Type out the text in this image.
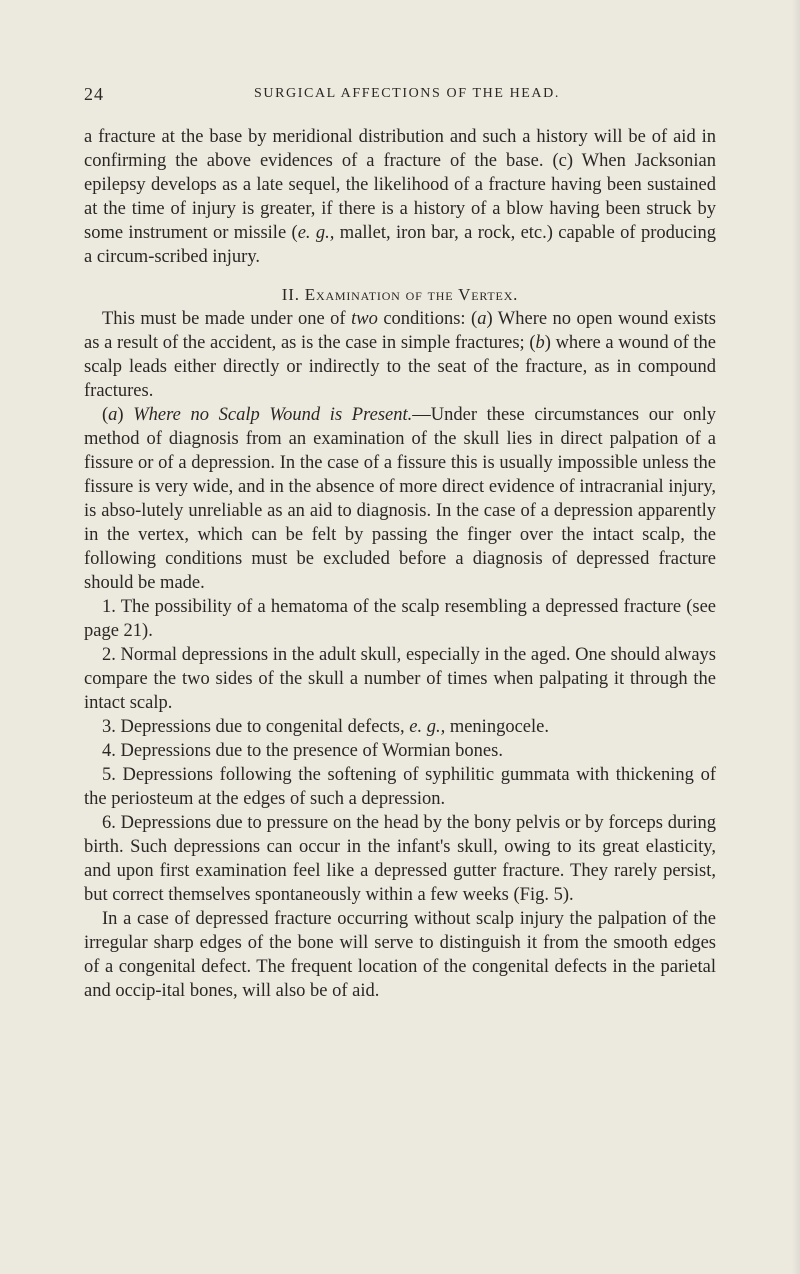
24	SURGICAL AFFECTIONS OF THE HEAD.

a fracture at the base by meridional distribution and such a history will be of aid in confirming the above evidences of a fracture of the base. (c) When Jacksonian epilepsy develops as a late sequel, the likelihood of a fracture having been sustained at the time of injury is greater, if there is a history of a blow having been struck by some instrument or missile (e. g., mallet, iron bar, a rock, etc.) capable of producing a circum-scribed injury.

II. Examination of the Vertex.

This must be made under one of two conditions: (a) Where no open wound exists as a result of the accident, as is the case in simple fractures; (b) where a wound of the scalp leads either directly or indirectly to the seat of the fracture, as in compound fractures.

(a) Where no Scalp Wound is Present.—Under these circumstances our only method of diagnosis from an examination of the skull lies in direct palpation of a fissure or of a depression. In the case of a fissure this is usually impossible unless the fissure is very wide, and in the absence of more direct evidence of intracranial injury, is abso-lutely unreliable as an aid to diagnosis. In the case of a depression apparently in the vertex, which can be felt by passing the finger over the intact scalp, the following conditions must be excluded before a diagnosis of depressed fracture should be made.

1. The possibility of a hematoma of the scalp resembling a depressed fracture (see page 21).

2. Normal depressions in the adult skull, especially in the aged. One should always compare the two sides of the skull a number of times when palpating it through the intact scalp.

3. Depressions due to congenital defects, e. g., meningocele.

4. Depressions due to the presence of Wormian bones.

5. Depressions following the softening of syphilitic gummata with thickening of the periosteum at the edges of such a depression.

6. Depressions due to pressure on the head by the bony pelvis or by forceps during birth. Such depressions can occur in the infant's skull, owing to its great elasticity, and upon first examination feel like a depressed gutter fracture. They rarely persist, but correct themselves spontaneously within a few weeks (Fig. 5).

In a case of depressed fracture occurring without scalp injury the palpation of the irregular sharp edges of the bone will serve to distinguish it from the smooth edges of a congenital defect. The frequent location of the congenital defects in the parietal and occip-ital bones, will also be of aid.
